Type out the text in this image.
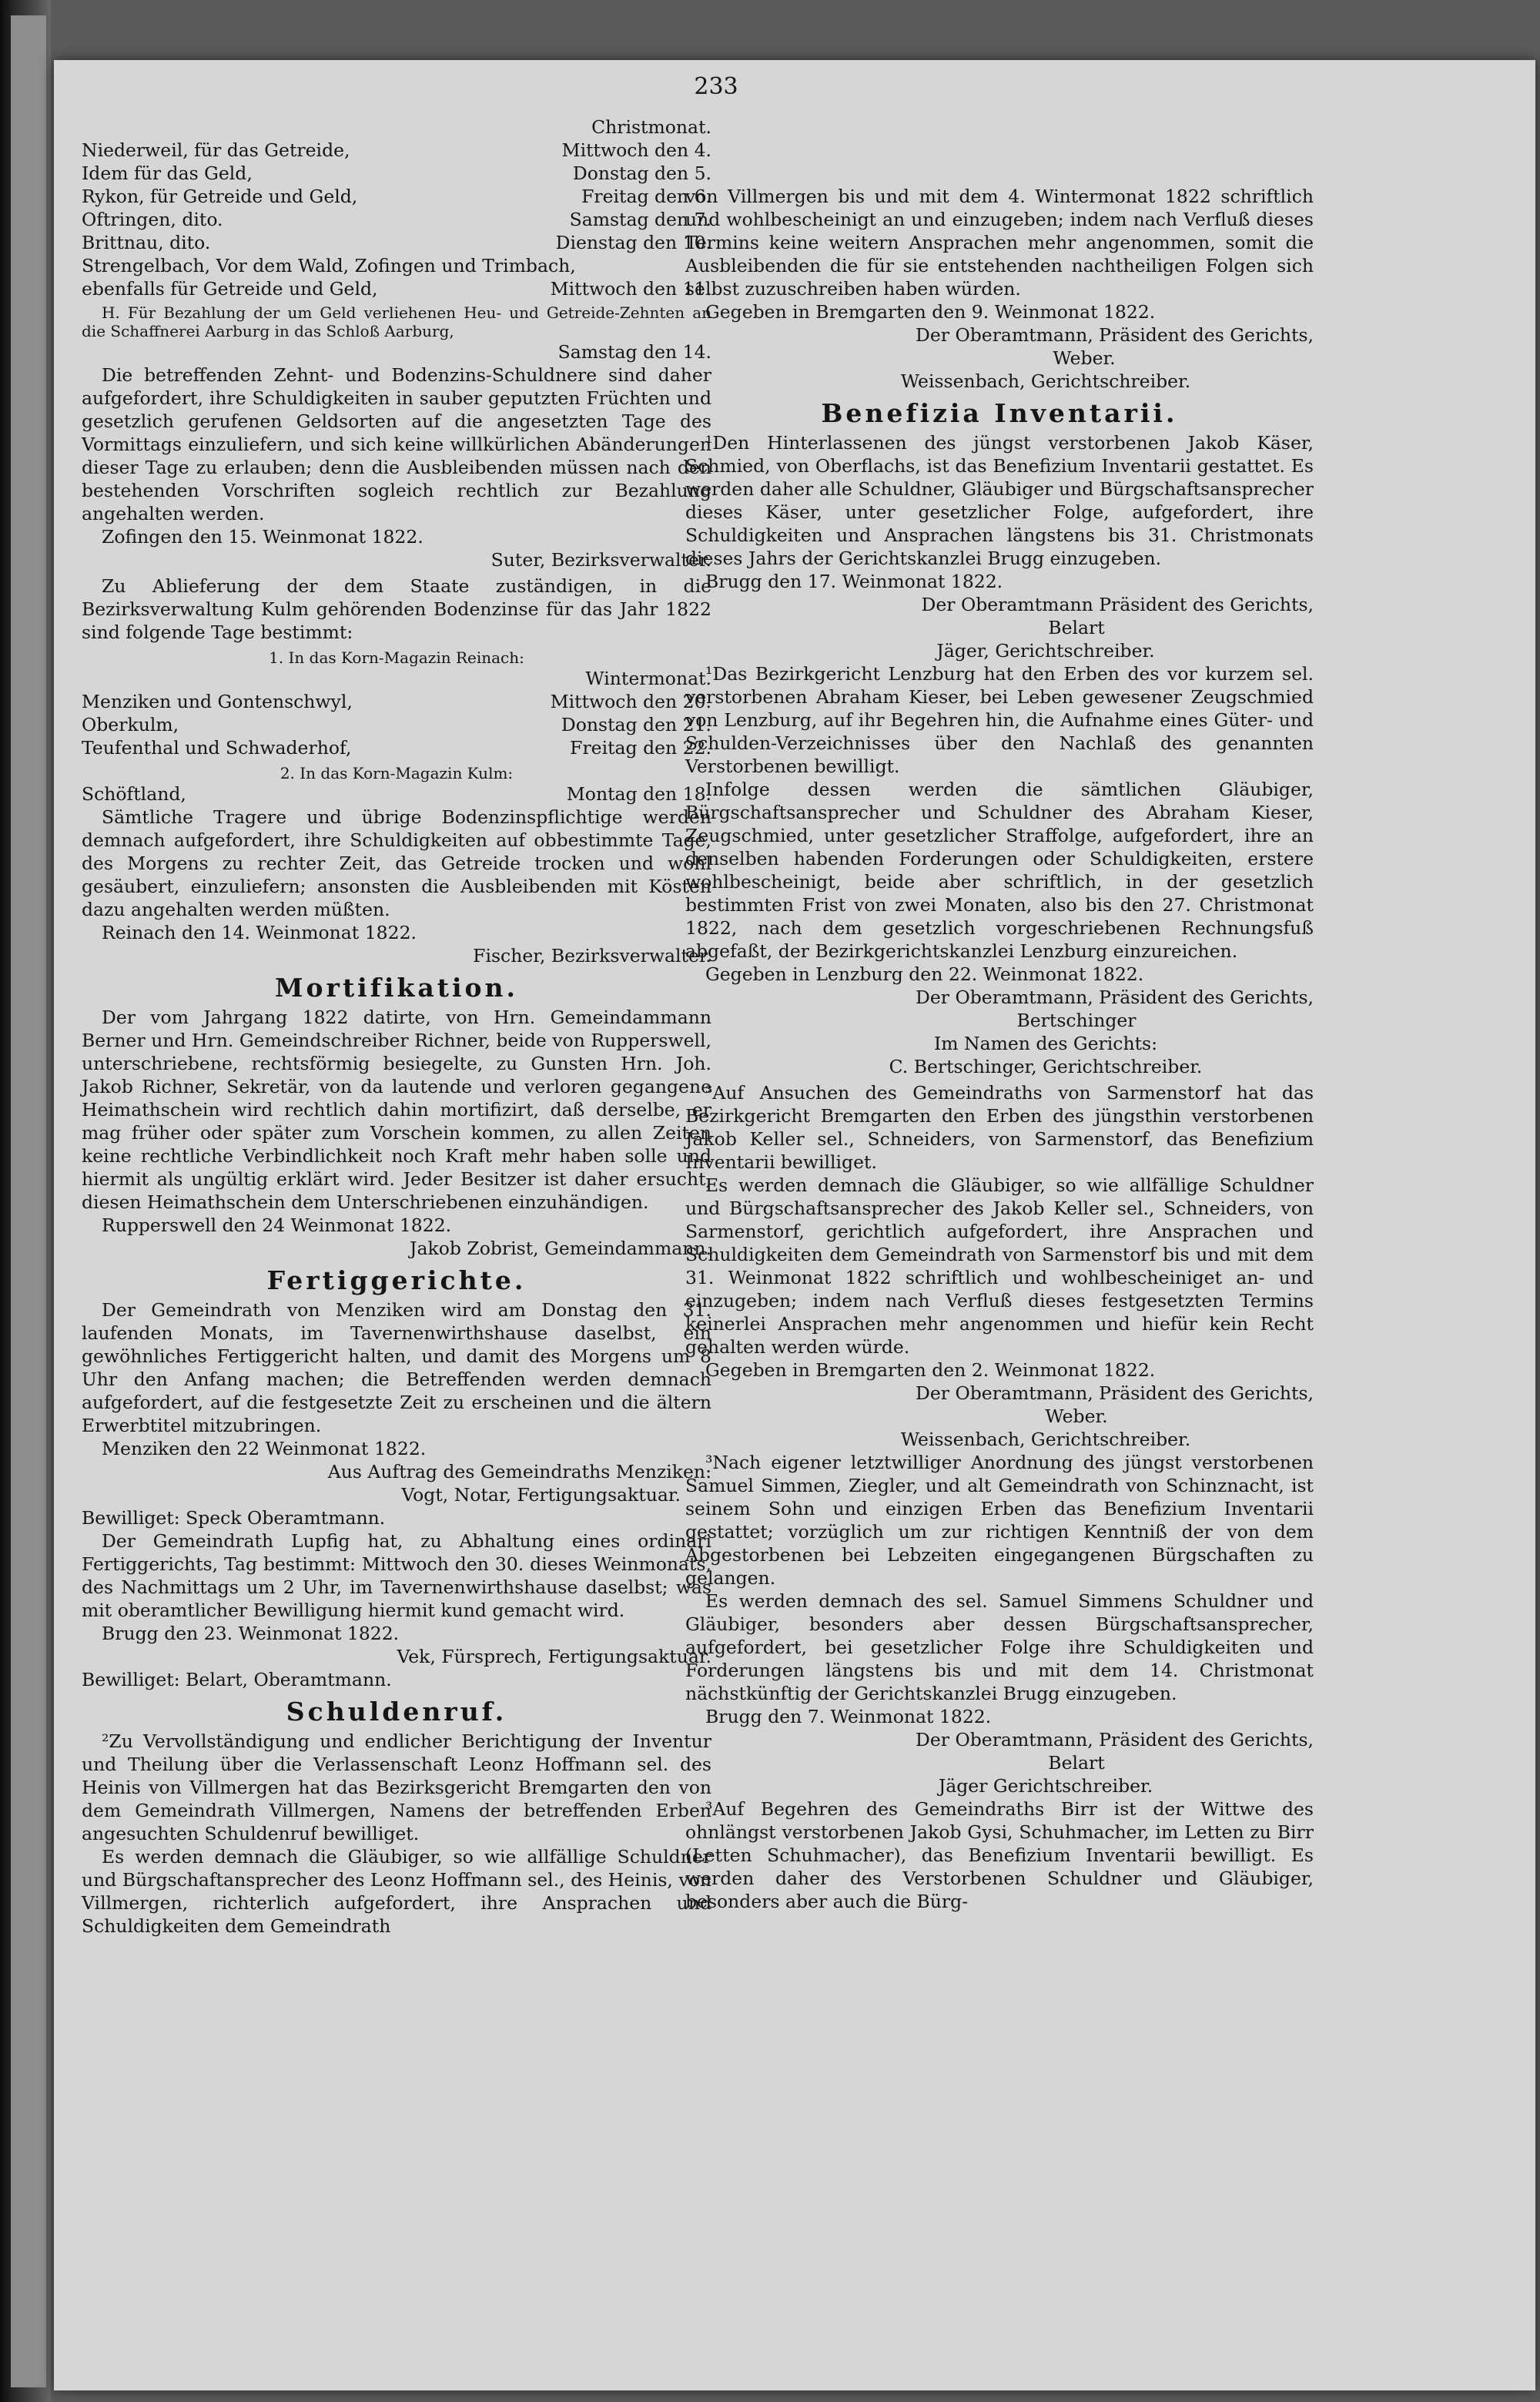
233

Christmonat.

Niederweil, für das Getreide,	Mittwoch den 4.
Idem für das Geld,	Donstag den 5.
Rykon, für Getreide und Geld,	Freitag den 6.
Oftringen, dito.	Samstag den 7.
Brittnau, dito.	Dienstag den 10.
Strengelbach, Vor dem Wald, Zofingen und Trimbach,
ebenfalls für Getreide und Geld,	Mittwoch den 11.

H. Für Bezahlung der um Geld verliehenen Heu- und Getreide-Zehnten an die Schaffnerei Aarburg in das Schloß Aarburg,

Samstag den 14.

Die betreffenden Zehnt- und Bodenzins-Schuldnere sind daher aufgefordert, ihre Schuldigkeiten in sauber geputzten Früchten und gesetzlich gerufenen Geldsorten auf die angesetzten Tage des Vormittags einzuliefern, und sich keine willkürlichen Abänderungen dieser Tage zu erlauben; denn die Ausbleibenden müssen nach den bestehenden Vorschriften sogleich rechtlich zur Bezahlung angehalten werden.

Zofingen den 15. Weinmonat 1822.

Suter, Bezirksverwalter.

Zu Ablieferung der dem Staate zuständigen, in die Bezirksverwaltung Kulm gehörenden Bodenzinse für das Jahr 1822 sind folgende Tage bestimmt:

1. In das Korn-Magazin Reinach:

Wintermonat.

Menziken und Gontenschwyl,	Mittwoch den 20.
Oberkulm,	Donstag den 21.
Teufenthal und Schwaderhof,	Freitag den 22.

2. In das Korn-Magazin Kulm:

Schöftland,	Montag den 18.

Sämtliche Tragere und übrige Bodenzinspflichtige werden demnach aufgefordert, ihre Schuldigkeiten auf obbestimmte Tage, des Morgens zu rechter Zeit, das Getreide trocken und wohl gesäubert, einzuliefern; ansonsten die Ausbleibenden mit Kösten dazu angehalten werden müßten.

Reinach den 14. Weinmonat 1822.

Fischer, Bezirksverwalter.

Mortifikation.

Der vom Jahrgang 1822 datirte, von Hrn. Gemeindammann Berner und Hrn. Gemeindschreiber Richner, beide von Rupperswell, unterschriebene, rechtsförmig besiegelte, zu Gunsten Hrn. Joh. Jakob Richner, Sekretär, von da lautende und verloren gegangene Heimathschein wird rechtlich dahin mortifizirt, daß derselbe, er mag früher oder später zum Vorschein kommen, zu allen Zeiten keine rechtliche Verbindlichkeit noch Kraft mehr haben solle und hiermit als ungültig erklärt wird. Jeder Besitzer ist daher ersucht, diesen Heimathschein dem Unterschriebenen einzuhändigen.

Rupperswell den 24 Weinmonat 1822.

Jakob Zobrist, Gemeindammann.

Fertiggerichte.

Der Gemeindrath von Menziken wird am Donstag den 31. laufenden Monats, im Tavernenwirthshause daselbst, ein gewöhnliches Fertiggericht halten, und damit des Morgens um 8 Uhr den Anfang machen; die Betreffenden werden demnach aufgefordert, auf die festgesetzte Zeit zu erscheinen und die ältern Erwerbtitel mitzubringen.

Menziken den 22 Weinmonat 1822.

Aus Auftrag des Gemeindraths Menziken:

Vogt, Notar, Fertigungsaktuar.

Bewilliget: Speck Oberamtmann.

Der Gemeindrath Lupfig hat, zu Abhaltung eines ordinari Fertiggerichts, Tag bestimmt: Mittwoch den 30. dieses Weinmonats, des Nachmittags um 2 Uhr, im Tavernenwirthshause daselbst; was mit oberamtlicher Bewilligung hiermit kund gemacht wird.

Brugg den 23. Weinmonat 1822.

Vek, Fürsprech, Fertigungsaktuar.

Bewilliget: Belart, Oberamtmann.

Schuldenruf.

²Zu Vervollständigung und endlicher Berichtigung der Inventur und Theilung über die Verlassenschaft Leonz Hoffmann sel. des Heinis von Villmergen hat das Bezirksgericht Bremgarten den von dem Gemeindrath Villmergen, Namens der betreffenden Erben angesuchten Schuldenruf bewilliget.

Es werden demnach die Gläubiger, so wie allfällige Schuldner und Bürgschaftansprecher des Leonz Hoffmann sel., des Heinis, von Villmergen, richterlich aufgefordert, ihre Ansprachen und Schuldigkeiten dem Gemeindrath

von Villmergen bis und mit dem 4. Wintermonat 1822 schriftlich und wohlbescheinigt an und einzugeben; indem nach Verfluß dieses Termins keine weitern Ansprachen mehr angenommen, somit die Ausbleibenden die für sie entstehenden nachtheiligen Folgen sich selbst zuzuschreiben haben würden.

Gegeben in Bremgarten den 9. Weinmonat 1822.

Der Oberamtmann, Präsident des Gerichts,

Weber.

Weissenbach, Gerichtschreiber.

Benefizia Inventarii.

¹Den Hinterlassenen des jüngst verstorbenen Jakob Käser, Schmied, von Oberflachs, ist das Benefizium Inventarii gestattet. Es werden daher alle Schuldner, Gläubiger und Bürgschaftsansprecher dieses Käser, unter gesetzlicher Folge, aufgefordert, ihre Schuldigkeiten und Ansprachen längstens bis 31. Christmonats dieses Jahrs der Gerichtskanzlei Brugg einzugeben.

Brugg den 17. Weinmonat 1822.

Der Oberamtmann Präsident des Gerichts,

Belart

Jäger, Gerichtschreiber.

¹Das Bezirkgericht Lenzburg hat den Erben des vor kurzem sel. verstorbenen Abraham Kieser, bei Leben gewesener Zeugschmied von Lenzburg, auf ihr Begehren hin, die Aufnahme eines Güter- und Schulden-Verzeichnisses über den Nachlaß des genannten Verstorbenen bewilligt.

Infolge dessen werden die sämtlichen Gläubiger, Bürgschaftsansprecher und Schuldner des Abraham Kieser, Zeugschmied, unter gesetzlicher Straffolge, aufgefordert, ihre an denselben habenden Forderungen oder Schuldigkeiten, erstere wohlbescheinigt, beide aber schriftlich, in der gesetzlich bestimmten Frist von zwei Monaten, also bis den 27. Christmonat 1822, nach dem gesetzlich vorgeschriebenen Rechnungsfuß abgefaßt, der Bezirkgerichtskanzlei Lenzburg einzureichen.

Gegeben in Lenzburg den 22. Weinmonat 1822.

Der Oberamtmann, Präsident des Gerichts,

Bertschinger

Im Namen des Gerichts:

C. Bertschinger, Gerichtschreiber.

³Auf Ansuchen des Gemeindraths von Sarmenstorf hat das Bezirkgericht Bremgarten den Erben des jüngsthin verstorbenen Jakob Keller sel., Schneiders, von Sarmenstorf, das Benefizium Inventarii bewilliget.

Es werden demnach die Gläubiger, so wie allfällige Schuldner und Bürgschaftsansprecher des Jakob Keller sel., Schneiders, von Sarmenstorf, gerichtlich aufgefordert, ihre Ansprachen und Schuldigkeiten dem Gemeindrath von Sarmenstorf bis und mit dem 31. Weinmonat 1822 schriftlich und wohlbescheiniget an- und einzugeben; indem nach Verfluß dieses festgesetzten Termins keinerlei Ansprachen mehr angenommen und hiefür kein Recht gehalten werden würde.

Gegeben in Bremgarten den 2. Weinmonat 1822.

Der Oberamtmann, Präsident des Gerichts,

Weber.

Weissenbach, Gerichtschreiber.

³Nach eigener letztwilliger Anordnung des jüngst verstorbenen Samuel Simmen, Ziegler, und alt Gemeindrath von Schinznacht, ist seinem Sohn und einzigen Erben das Benefizium Inventarii gestattet; vorzüglich um zur richtigen Kenntniß der von dem Abgestorbenen bei Lebzeiten eingegangenen Bürgschaften zu gelangen.

Es werden demnach des sel. Samuel Simmens Schuldner und Gläubiger, besonders aber dessen Bürgschaftsansprecher, aufgefordert, bei gesetzlicher Folge ihre Schuldigkeiten und Forderungen längstens bis und mit dem 14. Christmonat nächstkünftig der Gerichtskanzlei Brugg einzugeben.

Brugg den 7. Weinmonat 1822.

Der Oberamtmann, Präsident des Gerichts,

Belart

Jäger Gerichtschreiber.

³Auf Begehren des Gemeindraths Birr ist der Wittwe des ohnlängst verstorbenen Jakob Gysi, Schuhmacher, im Letten zu Birr (Letten Schuhmacher), das Benefizium Inventarii bewilligt. Es werden daher des Verstorbenen Schuldner und Gläubiger, besonders aber auch die Bürg-
